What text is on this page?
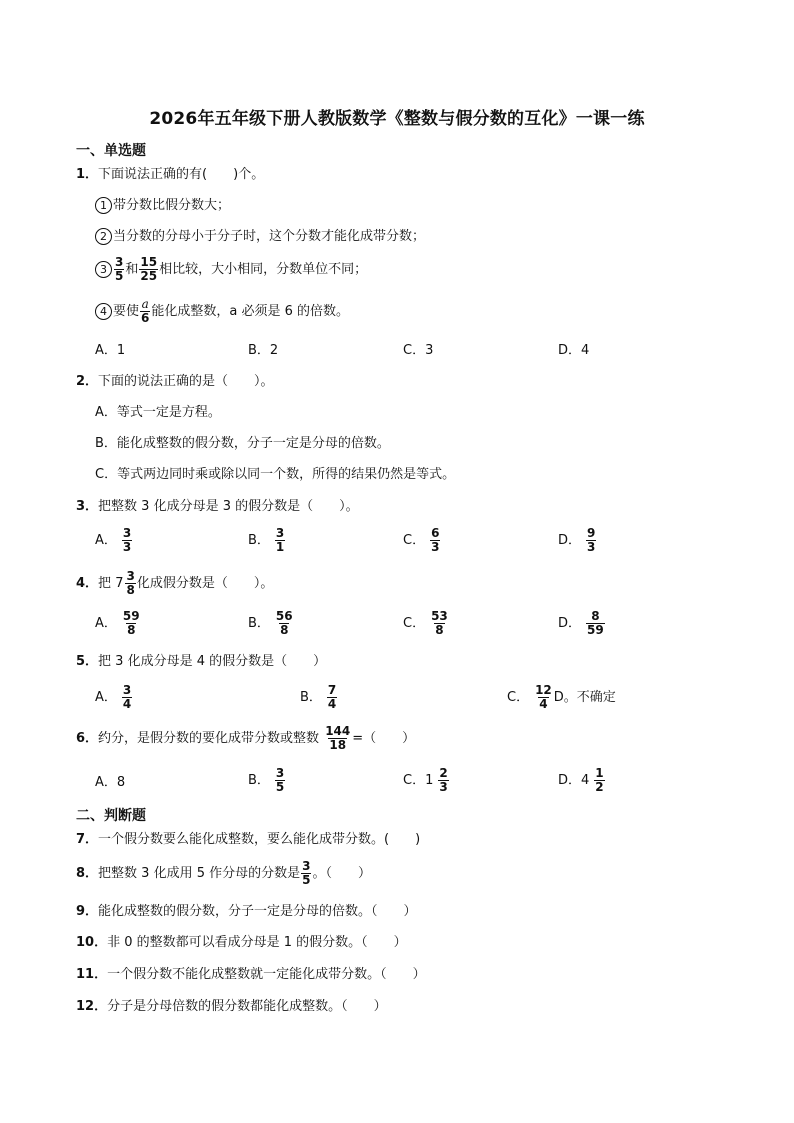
2026年五年级下册人教版数学《整数与假分数的互化》一课一练
一、单选题
1．下面说法正确的有(　　)个。
1 带分数比假分数大；
2 当分数的分母小于分子时，这个分数才能化成带分数；
$3 \frac{3}{5}$ 和 $\frac{15}{25}$ 相比较，大小相同，分数单位不同；
4 要使 $\frac{a}{6}$ 能化成整数，a 必须是 6 的倍数。
A．1	B．2	C．3	D．4
2．下面的说法正确的是（　　）。
A．等式一定是方程。
B．能化成整数的假分数，分子一定是分母的倍数。
C．等式两边同时乘或除以同一个数，所得的结果仍然是等式。
3．把整数 3 化成分母是 3 的假分数是（　　）。
A． $\frac{3}{3}$	B． $\frac{3}{1}$	C． $\frac{6}{3}$	D． $\frac{9}{3}$
4． 把
$7 \frac{3}{8}$ 化成假分数是（　　）。
A． $\frac{59}{8}$	B． $\frac{56}{8}$	C． $\frac{53}{8}$	D． $\frac{8}{59}$
5．把 3 化成分母是 4 的假分数是（　　）
A． $\frac{3}{4}$	B． $\frac{7}{4}$	C． $\frac{12}{4}$ D。不确定
6． 约分，是假分数的要化成带分数或整数
$\frac{144}{18}$ =（　　）
A．8	B． $\frac{3}{5}$	C．$1 \frac{2}{3}$	D．$4 \frac{1}{2}$
二、判断题
7．一个假分数要么能化成整数，要么能化成带分数。(　　)
8． 把整数 3 化成用 5 作分母的分数是 $\frac{3}{5}$ 。（　　）
9．能化成整数的假分数，分子一定是分母的倍数。（　　）
10．非 0 的整数都可以看成分母是 1 的假分数。（　　）
11．一个假分数不能化成整数就一定能化成带分数。（　　）
12．分子是分母倍数的假分数都能化成整数。（　　）
